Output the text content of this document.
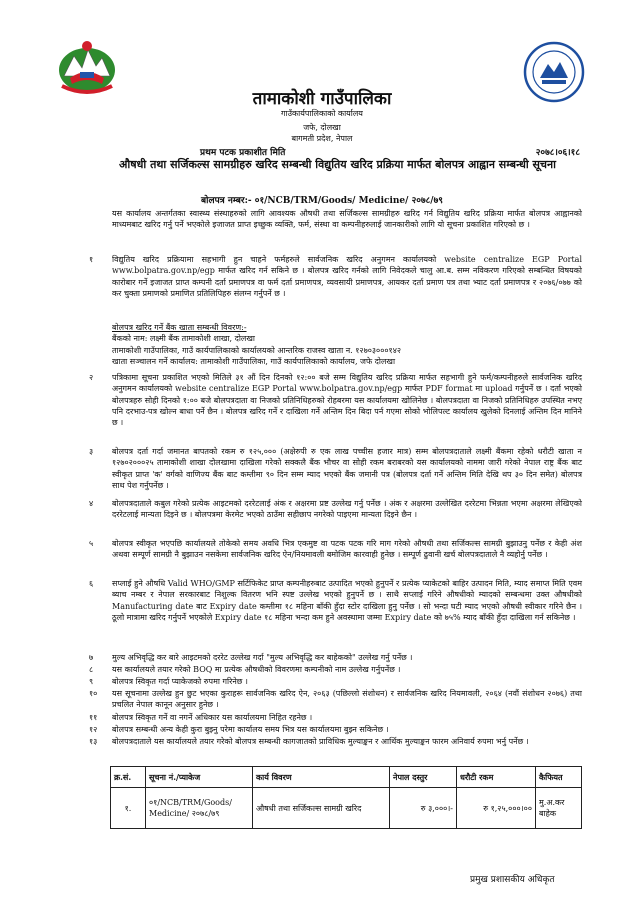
तामाकोशी गाउँपालिका
गाउँकार्यपालिकाको कार्यालय
जफे, दोलखा
बागमती प्रदेश, नेपाल
प्रथम पटक प्रकाशीत मिति	२०७८।०६।१८
औषधी तथा सर्जिकल्स सामग्रीहरु खरिद सम्बन्धी विद्युतिय खरिद प्रक्रिया मार्फत बोलपत्र आह्वान सम्बन्धी सूचना
बोलपत्र नम्बर:- ०१/NCB/TRM/Goods/ Medicine/ २०७८/७९
यस कार्यालय अन्तर्गतका स्वास्थ्य संस्थाहरुको लागि आवश्यक औषधी तथा सर्जिकल्स सामग्रीहरु खरिद गर्न विद्युतिय खरिद प्रक्रिया मार्फत बोलपत्र आह्वानको माध्यमबाट खरिद गर्नु पर्ने भएकोले इजाजत प्राप्त इच्छुक व्यक्ति, फर्म, संस्था वा कम्पनीहरुलाई जानकारीको लागि यो सूचना प्रकाशित गरिएको छ ।
१ विद्युतिय खरिद प्रक्रियामा सहभागी हुन चाहने फर्महरुले सार्वजनिक खरिद अनुगमन कार्यालयको website centralize EGP Portal www.bolpatra.gov.np/egp मार्फत खरिद गर्न सकिने छ । बोलपत्र खरिद गर्नको लागि निवेदकले चालु आ.ब. सम्म नविकरण गरिएको सम्बन्धित विषयको कारोबार गर्ने इजाजत प्राप्त कम्पनी दर्ता प्रमाणपत्र वा फर्म दर्ता प्रमाणपत्र, व्यवसायी प्रमाणपत्र, आयकर दर्ता प्रमाण पत्र तथा भ्याट दर्ता प्रमाणपत्र र २०७६/०७७ को कर चुक्ता प्रमाणको प्रमाणित प्रतिलिपिहरु संलग्न गर्नुपर्ने छ ।
बोलपत्र खरिद गर्ने बैंक खाता सम्बन्धी विवरण:-
बैंकको नाम: लक्ष्मी बैंक तामाकोशी शाखा, दोलखा
तामाकोशी गाउँपालिका, गाउँ कार्यपालिकाको कार्यालयको आन्तरिक राजस्व खाता न. १२७०३०००१४२
खाता सञ्चालन गर्ने कार्यालय: तामाकोशी गाउँपालिका, गाउँ कार्यपालिकाको कार्यालय, जफे दोलखा
२ पत्रिकामा सूचना प्रकाशित भएको मितिले ३१ औं दिन दिनको १२:०० बजे सम्म विद्युतिय खरिद प्रक्रिया मार्फत सहभागी हुने फर्म/कम्पनीहरुले सार्वजनिक खरिद अनुगमन कार्यालयको website centralize EGP Portal www.bolpatra.gov.np/egp मार्फत PDF format मा upload गर्नुपर्ने छ । दर्ता भएको बोलपत्रहरु सोही दिनको १:०० बजे बोलपत्रदाता वा निजको प्रतिनिधिहरुको रोहबरमा यस कार्यालयमा खोलिनेछ । बोलपत्रदाता वा निजको प्रतिनिधिहरु उपस्थित नभए पनि दरभाउ-पत्र खोल्न बाधा पर्ने छैन । बोलपत्र खरिद गर्ने र दाखिला गर्ने अन्तिम दिन बिदा पर्न गएमा सोको भोलिपल्ट कार्यालय खुलेको दिनलाई अन्तिम दिन मानिने छ ।
३ बोलपत्र दर्ता गर्दा जमानत बापतको रकम रु १२५,००० (अक्षेरुपी रु एक लाख पच्चीस हजार मात्र) सम्म बोलपत्रदाताले लक्ष्मी बैंकमा रहेको धरौटी खाता न १२७०२०००२५ तामाकोशी शाखा दोलखामा दाखिला गरेको सक्कलै बैंक भौचर वा सोही रकम बराबरको यस कार्यालयको नाममा जारी गरेको नेपाल राष्ट्र बैंक बाट स्वीकृत प्राप्त 'क' वर्गको वाणिज्य बैंक बाट कम्तीमा ९० दिन सम्म म्याद भएको बैंक जमानी पत्र (बोलपत्र दर्ता गर्ने अन्तिम मिति देखि थप ३० दिन समेत) बोलपत्र साथ पेश गर्नुपर्नेछ ।
४ बोलपत्रदाताले कबुल गरेको प्रत्येक आइटमको दररेटलाई अंक र अक्षरमा प्रष्ट उल्लेख गर्नु पर्नेछ । अंक र अक्षरमा उल्लेखित दररेटमा भिन्नता भएमा अक्षरमा लेखिएको दररेटलाई मान्यता दिइने छ । बोलपत्रमा केरमेट भएको ठाउँमा सहीछाप नगरेको पाइएमा मान्यता दिइने छैन ।
५ बोलपत्र स्वीकृत भएपछि कार्यालयले तोकेको समय अवधि भित्र एकमुष्ट वा पटक पटक गरि माग गरेको औषधी तथा सर्जिकल्स सामग्री बुझाउनु पर्नेछ र केही अंश अथवा सम्पूर्ण सामग्री नै बुझाउन नसकेमा सार्वजनिक खरिद ऐन/नियमावली बमोजिम कारवाही हुनेछ । सम्पूर्ण ढुवानी खर्च बोलपत्रदाताले नै व्यहोर्नु पर्नेछ ।
६ सप्लाई हुने औषधि Valid WHO/GMP सर्टिफिकेट प्राप्त कम्पनीहरुबाट उत्पादित भएको हुनुपर्ने र प्रत्येक प्याकेटको बाहिर उत्पादन मिति, म्याद समाप्त मिति एवम ब्याच नम्बर र नेपाल सरकारबाट निशुल्क वितरण भनि स्पष्ट उल्लेख भएको हुनुपर्ने छ । साथै सप्लाई गरिने औषधीको म्यादको सम्बन्धमा उक्त औषधीको Manufacturing date बाट Expiry date कम्तीमा १८ महिना बाँकी हुँदा स्टोर दाखिला हुनु पर्नेछ । सो भन्दा घटी म्याद भएको औषधी स्वीकार गरिने छैन । ठूलो मात्रामा खरिद गर्नुपर्ने भएकोले Expiry date १८ महिना भन्दा कम हुने अवस्थामा जम्मा Expiry date को ७५% म्याद बाँकी हुँदा दाखिला गर्न सकिनेछ ।
७ मुल्य अभिवृद्धि कर बारे आइटमको दररेट उल्लेख गर्दा "मुल्य अभिवृद्धि कर बाहेकको" उल्लेख गर्नु पर्नेछ ।
८ यस कार्यालयले तयार गरेको BOQ मा प्रत्येक औषधीको विवरणमा कम्पनीको नाम उल्लेख गर्नुपर्नेछ ।
९ बोलपत्र स्विकृत गर्दा प्याकेजको रुपमा गरिनेछ ।
१० यस सूचनामा उल्लेख हुन छुट भएका कुराहरू सार्वजनिक खरिद ऐन, २०६३ (पछिल्लो संशोधन) र सार्वजनिक खरिद नियमावली, २०६४ (नवौं संशोधन २०७६) तथा प्रचलित नेपाल कानून अनुसार हुनेछ ।
११ बोलपत्र स्विकृत गर्ने वा नगर्ने अधिकार यस कार्यालयमा निहित रहनेछ ।
१२ बोलपत्र सम्बन्धी अन्य केही कुरा बुझ्नु परेमा कार्यालय समय भित्र यस कार्यालयमा बुझ्न सकिनेछ ।
१३ बोलपत्रदाताले यस कार्यालयले तयार गरेको बोलपत्र सम्बन्धी कागजातको प्राविधिक मुल्याङ्कन र आर्थिक मुल्याङ्कन फारम अनिवार्य रुपमा भर्नु पर्नेछ ।
क्र.सं.	सूचना नं./प्याकेज	कार्य विवरण	नेपाल दस्तुर	धरौटी रकम	कैफियत
१.	०१/NCB/TRM/Goods/ Medicine/ २०७८/७९	औषधी तथा सर्जिकल्स सामग्री खरिद	रु ३,०००।-	रु १,२५,०००।००	मु.अ.कर बाहेक
प्रमुख प्रशासकीय अधिकृत
